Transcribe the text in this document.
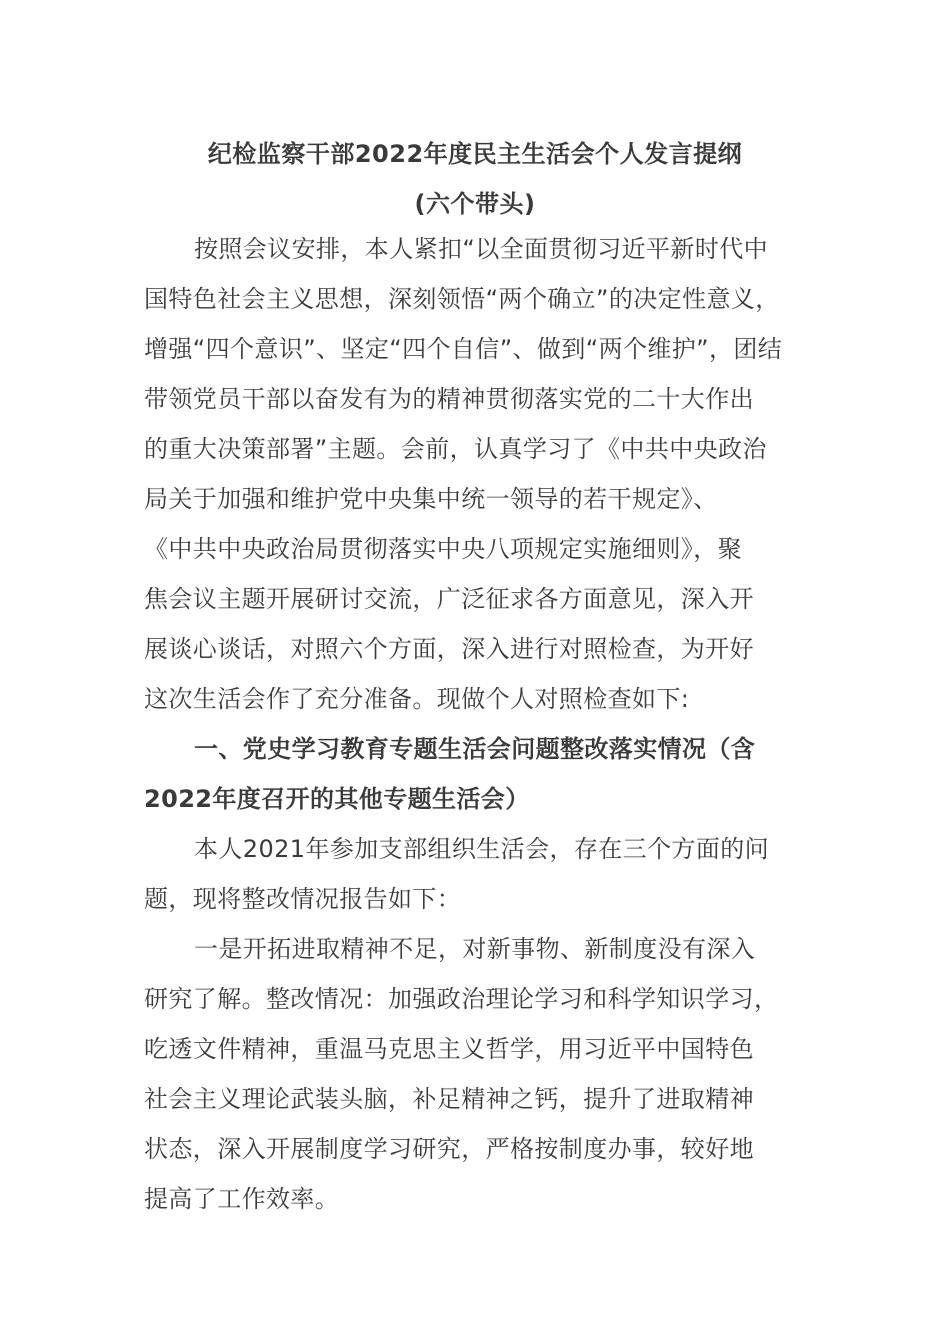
纪检监察干部2022年度民主生活会个人发言提纲
(六个带头)
按照会议安排，本人紧扣“以全面贯彻习近平新时代中
国特色社会主义思想，深刻领悟“两个确立”的决定性意义，
增强“四个意识”、坚定“四个自信”、做到“两个维护”，团结
带领党员干部以奋发有为的精神贯彻落实党的二十大作出
的重大决策部署”主题。会前，认真学习了《中共中央政治
局关于加强和维护党中央集中统一领导的若干规定》、
《中共中央政治局贯彻落实中央八项规定实施细则》，聚
焦会议主题开展研讨交流，广泛征求各方面意见，深入开
展谈心谈话，对照六个方面，深入进行对照检查，为开好
这次生活会作了充分准备。现做个人对照检查如下:
一、党史学习教育专题生活会问题整改落实情况（含
2022年度召开的其他专题生活会）
本人2021年参加支部组织生活会，存在三个方面的问
题，现将整改情况报告如下：
一是开拓进取精神不足，对新事物、新制度没有深入
研究了解。整改情况：加强政治理论学习和科学知识学习，
吃透文件精神，重温马克思主义哲学，用习近平中国特色
社会主义理论武装头脑，补足精神之钙，提升了进取精神
状态，深入开展制度学习研究，严格按制度办事，较好地
提高了工作效率。
